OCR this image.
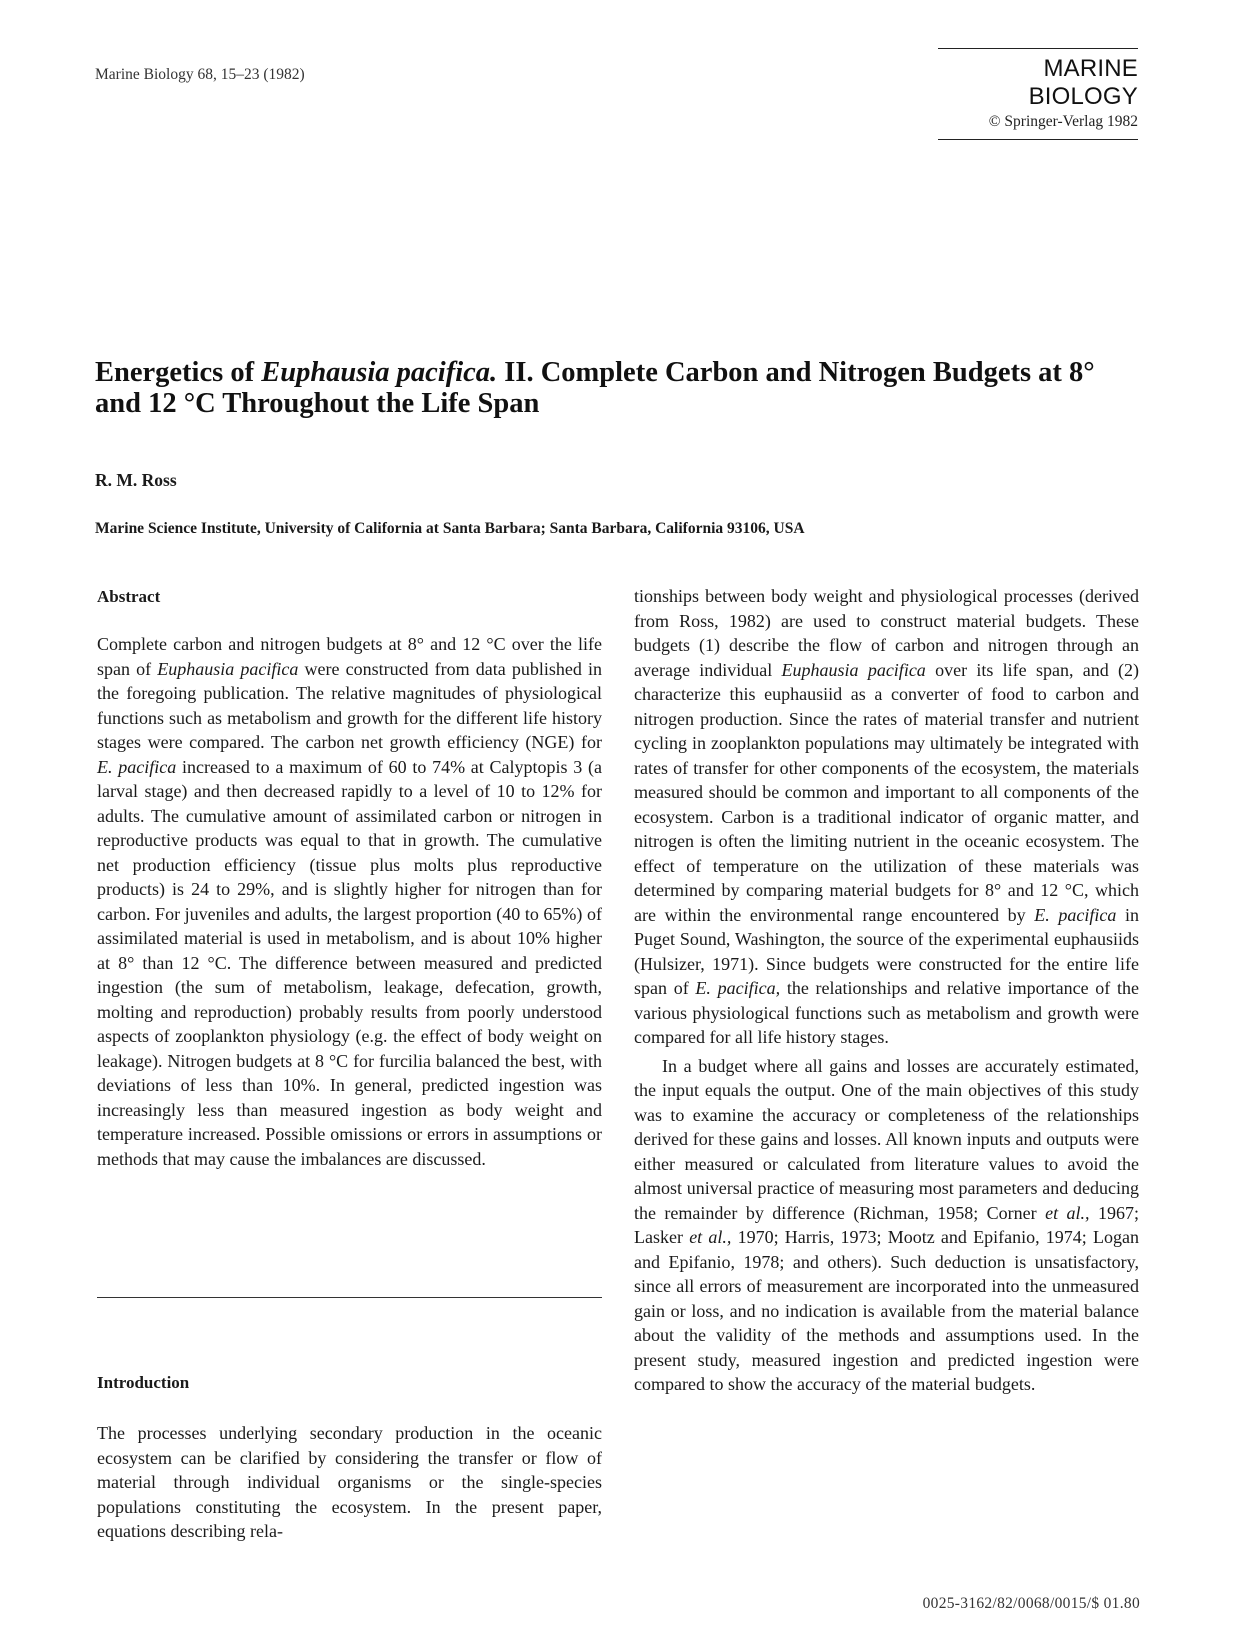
Marine Biology 68, 15–23 (1982)	MARINE BIOLOGY
© Springer-Verlag 1982
Energetics of Euphausia pacifica. II. Complete Carbon and Nitrogen Budgets at 8° and 12 °C Throughout the Life Span

R. M. Ross

Marine Science Institute, University of California at Santa Barbara; Santa Barbara, California 93106, USA

Abstract

Complete carbon and nitrogen budgets at 8° and 12 °C over the life span of Euphausia pacifica were constructed from data published in the foregoing publication. The relative magnitudes of physiological functions such as metabolism and growth for the different life history stages were compared. The carbon net growth efficiency (NGE) for E. pacifica increased to a maximum of 60 to 74% at Calyptopis 3 (a larval stage) and then decreased rapidly to a level of 10 to 12% for adults. The cumulative amount of assimilated carbon or nitrogen in reproductive products was equal to that in growth. The cumulative net production efficiency (tissue plus molts plus reproductive products) is 24 to 29%, and is slightly higher for nitrogen than for carbon. For juveniles and adults, the largest proportion (40 to 65%) of assimilated material is used in metabolism, and is about 10% higher at 8° than 12 °C. The difference between measured and predicted ingestion (the sum of metabolism, leakage, defecation, growth, molting and reproduction) probably results from poorly understood aspects of zooplankton physiology (e.g. the effect of body weight on leakage). Nitrogen budgets at 8 °C for furcilia balanced the best, with deviations of less than 10%. In general, predicted ingestion was increasingly less than measured ingestion as body weight and temperature increased. Possible omissions or errors in assumptions or methods that may cause the imbalances are discussed.

Introduction

The processes underlying secondary production in the oceanic ecosystem can be clarified by considering the transfer or flow of material through individual organisms or the single-species populations constituting the ecosystem. In the present paper, equations describing rela-

tionships between body weight and physiological processes (derived from Ross, 1982) are used to construct material budgets. These budgets (1) describe the flow of carbon and nitrogen through an average individual Euphausia pacifica over its life span, and (2) characterize this euphausiid as a converter of food to carbon and nitrogen production. Since the rates of material transfer and nutrient cycling in zooplankton populations may ultimately be integrated with rates of transfer for other components of the ecosystem, the materials measured should be common and important to all components of the ecosystem. Carbon is a traditional indicator of organic matter, and nitrogen is often the limiting nutrient in the oceanic ecosystem. The effect of temperature on the utilization of these materials was determined by comparing material budgets for 8° and 12 °C, which are within the environmental range encountered by E. pacifica in Puget Sound, Washington, the source of the experimental euphausiids (Hulsizer, 1971). Since budgets were constructed for the entire life span of E. pacifica, the relationships and relative importance of the various physiological functions such as metabolism and growth were compared for all life history stages.

In a budget where all gains and losses are accurately estimated, the input equals the output. One of the main objectives of this study was to examine the accuracy or completeness of the relationships derived for these gains and losses. All known inputs and outputs were either measured or calculated from literature values to avoid the almost universal practice of measuring most parameters and deducing the remainder by difference (Richman, 1958; Corner et al., 1967; Lasker et al., 1970; Harris, 1973; Mootz and Epifanio, 1974; Logan and Epifanio, 1978; and others). Such deduction is unsatisfactory, since all errors of measurement are incorporated into the unmeasured gain or loss, and no indication is available from the material balance about the validity of the methods and assumptions used. In the present study, measured ingestion and predicted ingestion were compared to show the accuracy of the material budgets.

0025-3162/82/0068/0015/$ 01.80
